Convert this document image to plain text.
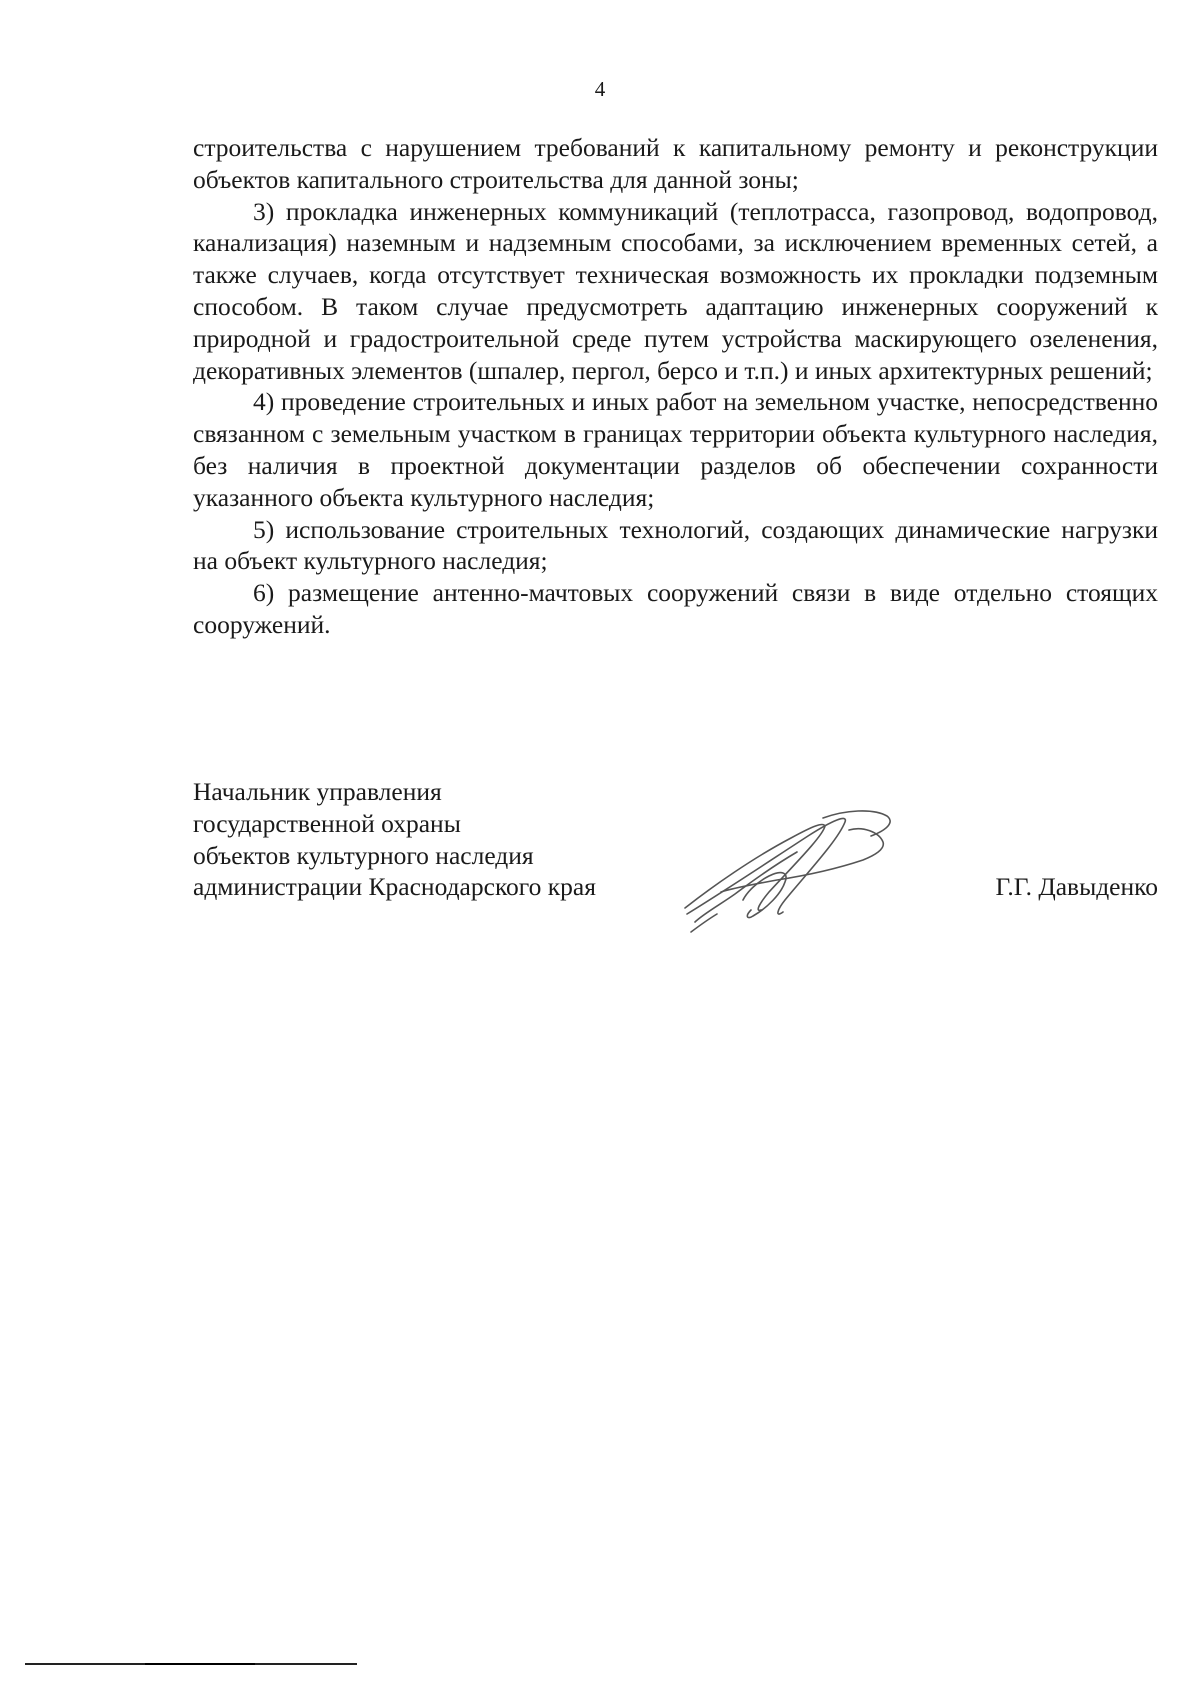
4

строительства с нарушением требований к капитальному ремонту и реконструкции объектов капитального строительства для данной зоны;

3) прокладка инженерных коммуникаций (теплотрасса, газопровод, водопровод, канализация) наземным и надземным способами, за исключением временных сетей, а также случаев, когда отсутствует техническая возможность их прокладки подземным способом. В таком случае предусмотреть адаптацию инженерных сооружений к природной и градостроительной среде путем устройства маскирующего озеленения, декоративных элементов (шпалер, пергол, берсо и т.п.) и иных архитектурных решений;

4) проведение строительных и иных работ на земельном участке, непосредственно связанном с земельным участком в границах территории объекта культурного наследия, без наличия в проектной документации разделов об обеспечении сохранности указанного объекта культурного наследия;

5) использование строительных технологий, создающих динамические нагрузки на объект культурного наследия;

6) размещение антенно-мачтовых сооружений связи в виде отдельно стоящих сооружений.

Начальник управления
государственной охраны
объектов культурного наследия
администрации Краснодарского края	Г.Г. Давыденко
